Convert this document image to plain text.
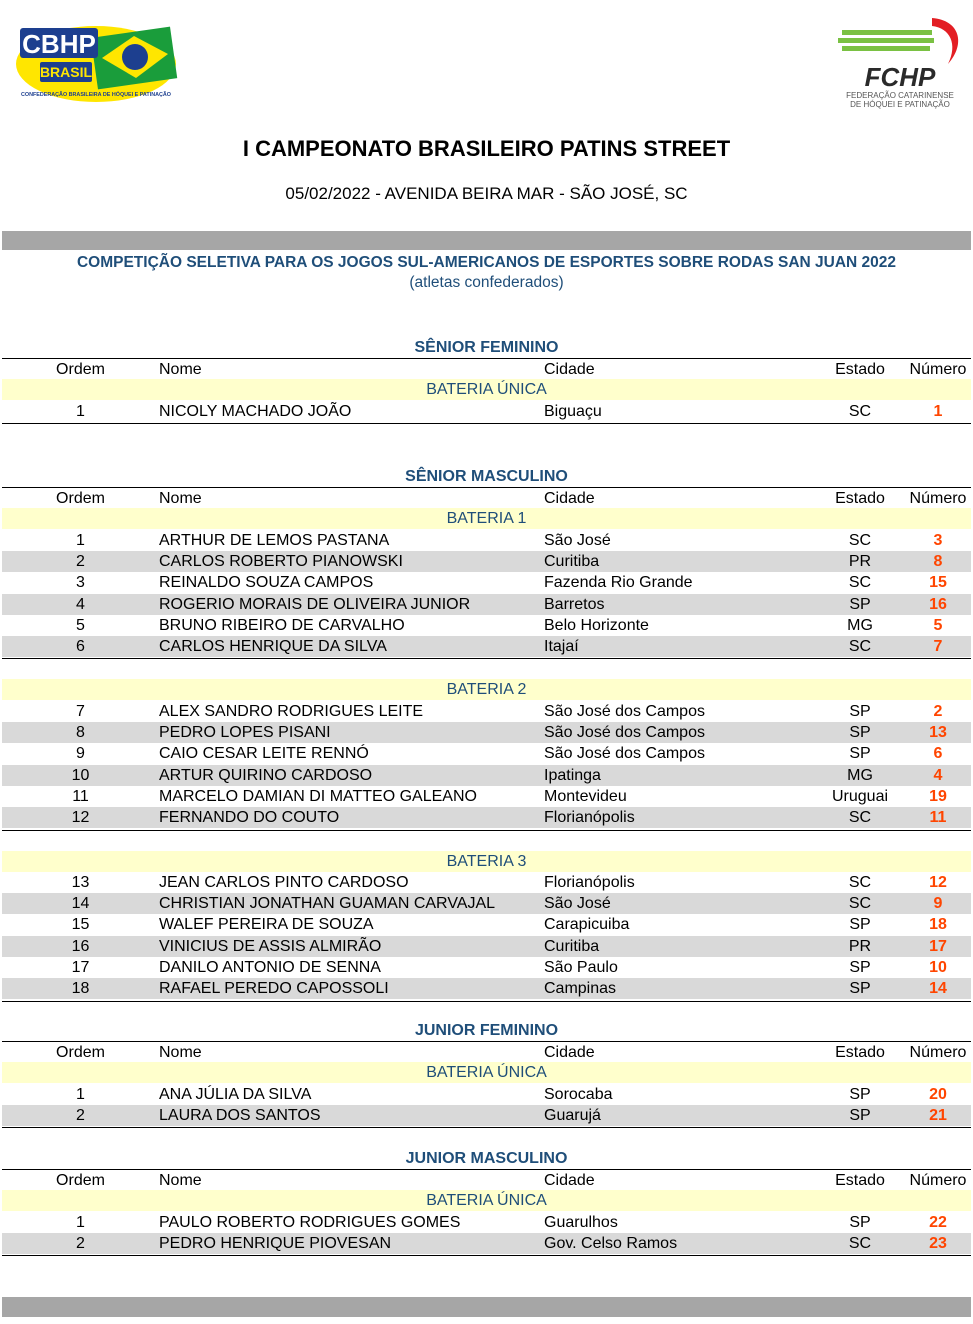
CBHP
BRASIL
CONFEDERAÇÃO BRASILEIRA DE HÓQUEI E PATINAÇÃO
FCHP
FEDERAÇÃO CATARINENSE
DE HÓQUEI E PATINAÇÃO
I CAMPEONATO BRASILEIRO PATINS STREET
05/02/2022 - AVENIDA BEIRA MAR - SÃO JOSÉ, SC
COMPETIÇÃO SELETIVA PARA OS JOGOS SUL-AMERICANOS DE ESPORTES SOBRE RODAS SAN JUAN 2022
(atletas confederados)
SÊNIOR FEMININO
Ordem	Nome	Cidade	Estado	Número
BATERIA ÚNICA
1	NICOLY MACHADO JOÃO	Biguaçu	SC	1
SÊNIOR MASCULINO
Ordem	Nome	Cidade	Estado	Número
BATERIA 1
1	ARTHUR DE LEMOS PASTANA	São José	SC	3
2	CARLOS ROBERTO PIANOWSKI	Curitiba	PR	8
3	REINALDO SOUZA CAMPOS	Fazenda Rio Grande	SC	15
4	ROGERIO MORAIS DE OLIVEIRA JUNIOR	Barretos	SP	16
5	BRUNO RIBEIRO DE CARVALHO	Belo Horizonte	MG	5
6	CARLOS HENRIQUE DA SILVA	Itajaí	SC	7
BATERIA 2
7	ALEX SANDRO RODRIGUES LEITE	São José dos Campos	SP	2
8	PEDRO LOPES PISANI	São José dos Campos	SP	13
9	CAIO CESAR LEITE RENNÓ	São José dos Campos	SP	6
10	ARTUR QUIRINO CARDOSO	Ipatinga	MG	4
11	MARCELO DAMIAN DI MATTEO GALEANO	Montevideu	Uruguai	19
12	FERNANDO DO COUTO	Florianópolis	SC	11
BATERIA 3
13	JEAN CARLOS PINTO CARDOSO	Florianópolis	SC	12
14	CHRISTIAN JONATHAN GUAMAN CARVAJAL	São José	SC	9
15	WALEF PEREIRA DE SOUZA	Carapicuiba	SP	18
16	VINICIUS DE ASSIS ALMIRÃO	Curitiba	PR	17
17	DANILO ANTONIO DE SENNA	São Paulo	SP	10
18	RAFAEL PEREDO CAPOSSOLI	Campinas	SP	14
JUNIOR FEMININO
Ordem	Nome	Cidade	Estado	Número
BATERIA ÚNICA
1	ANA JÚLIA DA SILVA	Sorocaba	SP	20
2	LAURA DOS SANTOS	Guarujá	SP	21
JUNIOR MASCULINO
Ordem	Nome	Cidade	Estado	Número
BATERIA ÚNICA
1	PAULO ROBERTO RODRIGUES GOMES	Guarulhos	SP	22
2	PEDRO HENRIQUE PIOVESAN	Gov. Celso Ramos	SC	23
